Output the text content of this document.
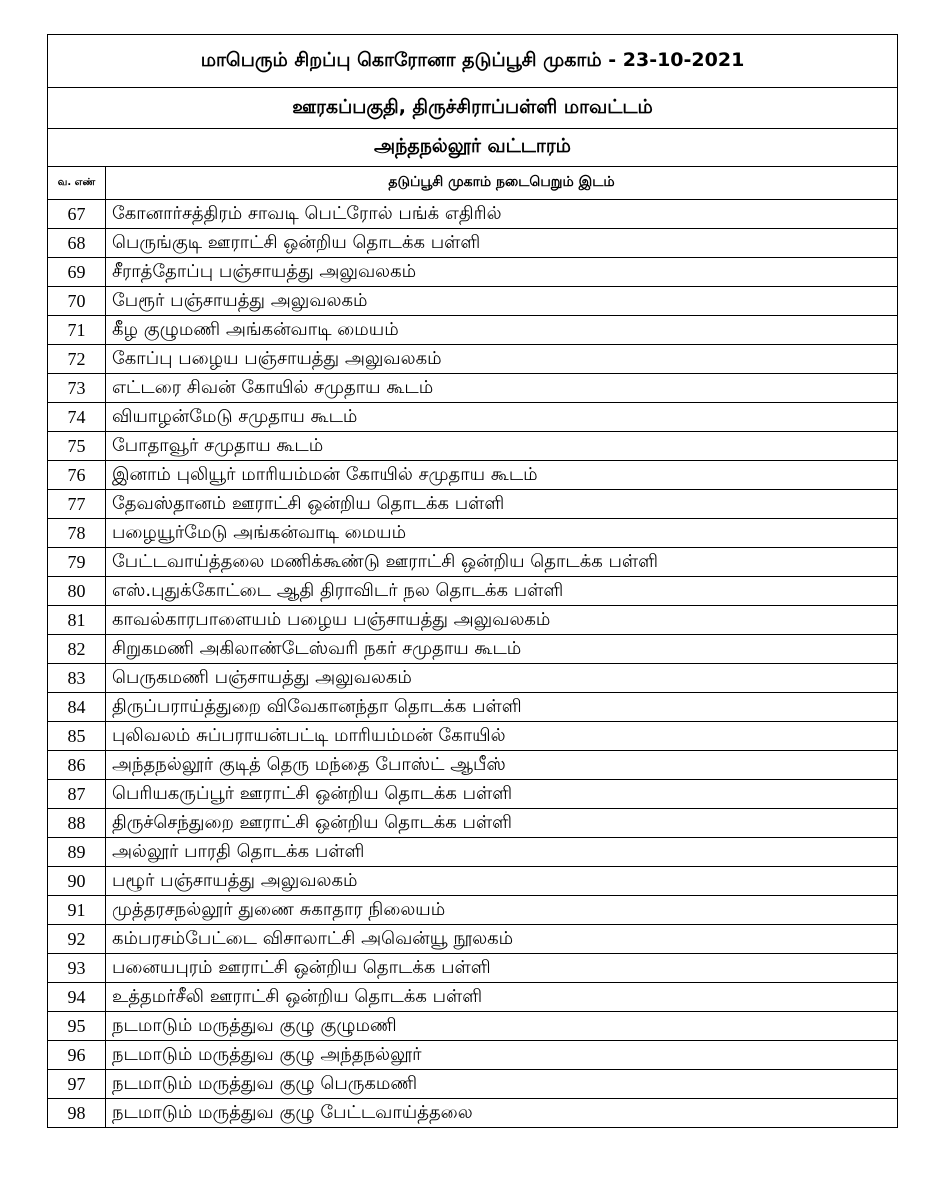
மாபெரும் சிறப்பு கொரோனா தடுப்பூசி முகாம் - 23-10-2021	
ஊரகப்பகுதி, திருச்சிராப்பள்ளி மாவட்டம்	
அந்தநல்லூர் வட்டாரம்	
வ. எண்	தடுப்பூசி முகாம் நடைபெறும் இடம்
67	கோனார்சத்திரம் சாவடி பெட்ரோல் பங்க் எதிரில்
68	பெருங்குடி ஊராட்சி ஒன்றிய தொடக்க பள்ளி
69	சீராத்தோப்பு பஞ்சாயத்து அலுவலகம்
70	பேரூர் பஞ்சாயத்து அலுவலகம்
71	கீழ குழுமணி அங்கன்வாடி மையம்
72	கோப்பு பழைய பஞ்சாயத்து அலுவலகம்
73	எட்டரை சிவன் கோயில் சமுதாய கூடம்
74	வியாழன்மேடு சமுதாய கூடம்
75	போதாவூர் சமுதாய கூடம்
76	இனாம் புலியூர் மாரியம்மன் கோயில் சமுதாய கூடம்
77	தேவஸ்தானம் ஊராட்சி ஒன்றிய தொடக்க பள்ளி
78	பழையூர்மேடு அங்கன்வாடி மையம்
79	பேட்டவாய்த்தலை மணிக்கூண்டு ஊராட்சி ஒன்றிய தொடக்க பள்ளி
80	எஸ்.புதுக்கோட்டை ஆதி திராவிடர் நல தொடக்க பள்ளி
81	காவல்காரபாளையம் பழைய பஞ்சாயத்து அலுவலகம்
82	சிறுகமணி அகிலாண்டேஸ்வரி நகர் சமுதாய கூடம்
83	பெருகமணி பஞ்சாயத்து அலுவலகம்
84	திருப்பராய்த்துறை விவேகானந்தா தொடக்க பள்ளி
85	புலிவலம் சுப்பராயன்பட்டி மாரியம்மன் கோயில்
86	அந்தநல்லூர் குடித் தெரு மந்தை போஸ்ட் ஆபீஸ்
87	பெரியகருப்பூர் ஊராட்சி ஒன்றிய தொடக்க பள்ளி
88	திருச்செந்துறை ஊராட்சி ஒன்றிய தொடக்க பள்ளி
89	அல்லூர் பாரதி தொடக்க பள்ளி
90	பழூர் பஞ்சாயத்து அலுவலகம்
91	முத்தரசநல்லூர் துணை சுகாதார நிலையம்
92	கம்பரசம்பேட்டை விசாலாட்சி அவென்யூ நூலகம்
93	பனையபுரம் ஊராட்சி ஒன்றிய தொடக்க பள்ளி
94	உத்தமர்சீலி ஊராட்சி ஒன்றிய தொடக்க பள்ளி
95	நடமாடும் மருத்துவ குழு குழுமணி
96	நடமாடும் மருத்துவ குழு அந்தநல்லூர்
97	நடமாடும் மருத்துவ குழு பெருகமணி
98	நடமாடும் மருத்துவ குழு பேட்டவாய்த்தலை
